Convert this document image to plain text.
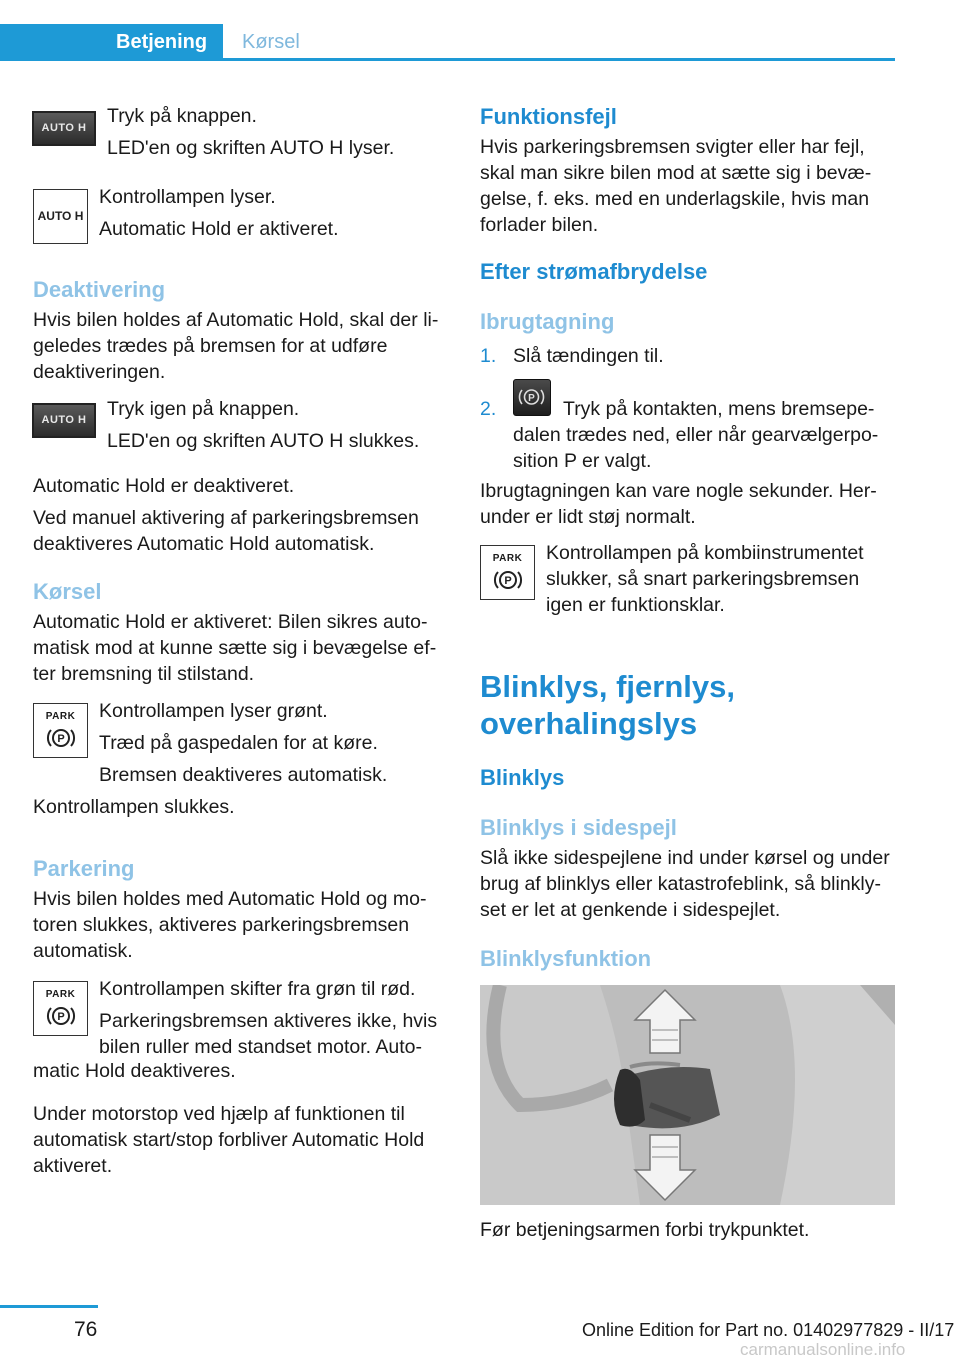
Betjening	Kørsel
AUTO H

Tryk på knappen.

LED'en og skriften AUTO H lyser.

AUTO H

Kontrollampen lyser.

Automatic Hold er aktiveret.

Deaktivering

Hvis bilen holdes af Automatic Hold, skal der li‐

geledes trædes på bremsen for at udføre

deaktiveringen.

AUTO H	Tryk igen på knappen.

LED'en og skriften AUTO H slukkes.

Automatic Hold er deaktiveret.

Ved manuel aktivering af parkeringsbremsen

deaktiveres Automatic Hold automatisk.

Kørsel

Automatic Hold er aktiveret: Bilen sikres auto‐

matisk mod at kunne sætte sig i bevægelse ef‐

ter bremsning til stilstand.

PARK
P

Kontrollampen lyser grønt.

Træd på gaspedalen for at køre.

Bremsen deaktiveres automatisk.

Kontrollampen slukkes.

Parkering

Hvis bilen holdes med Automatic Hold og mo‐

toren slukkes, aktiveres parkeringsbremsen

automatisk.

PARK
P

Kontrollampen skifter fra grøn til rød.

Parkeringsbremsen aktiveres ikke, hvis

bilen ruller med standset motor. Auto‐

matic Hold deaktiveres.

Under motorstop ved hjælp af funktionen til

automatisk start/stop forbliver Automatic Hold

aktiveret.

Funktionsfejl

Hvis parkeringsbremsen svigter eller har fejl,

skal man sikre bilen mod at sætte sig i bevæ‐

gelse, f. eks. med en underlagskile, hvis man

forlader bilen.

Efter strømafbrydelse

Ibrugtagning

1. Slå tændingen til.

2.	P Tryk på kontakten, mens bremsepe‐

dalen trædes ned, eller når gearvælgerpo‐

sition P er valgt.

Ibrugtagningen kan vare nogle sekunder. Her‐

under er lidt støj normalt.

PARK
P

Kontrollampen på kombiinstrumentet

slukker, så snart parkeringsbremsen

igen er funktionsklar.

Blinklys, fjernlys,

overhalingslys

Blinklys

Blinklys i sidespejl

Slå ikke sidespejlene ind under kørsel og under

brug af blinklys eller katastrofeblink, så blinkly‐

set er let at genkende i sidespejlet.

Blinklysfunktion

Før betjeningsarmen forbi trykpunktet.

76	Online Edition for Part no. 01402977829 - II/17
carmanualsonline.info
